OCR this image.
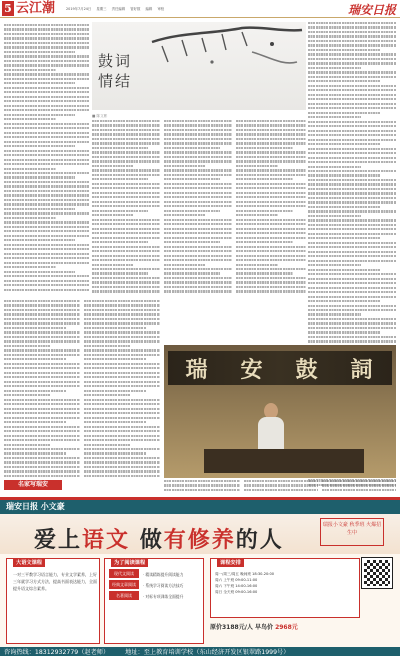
5 云江潮	2019年7月24日 星期三 责任编辑 管好数 编辑 审校	瑞安日报
鼓词
情结
■ 陈文彬
瑞 安 鼓 詞
名家写瑞安
瑞安日报 小文豪
爱上语文 做有修养的人
瑞报小文豪 秋季班 火爆招生中
大语文课程
一对三平教学习语言能力，专业文学素养，上好三年就学习方式方法，提高书面表达能力，全面提升语文综合素养。
为了阅读课程
现代文阅读
经典文章阅读
名著阅读
· 精读精练提升阅读能力
· 系统学习阅读方法技巧
· 对标专项训练全面提升
课程安排
周一/周三/周五 晚间班 18:30-20:00
周六 上午班 09:00-11:00
周六 下午班 14:00-16:00
周日 全天班 09:00-16:00
原价3188元/人 早鸟价 2968元
咨询热线：18312932779（赵老师）	地址：至上教育培训学校（东山经济开发区银翠路1999号）
